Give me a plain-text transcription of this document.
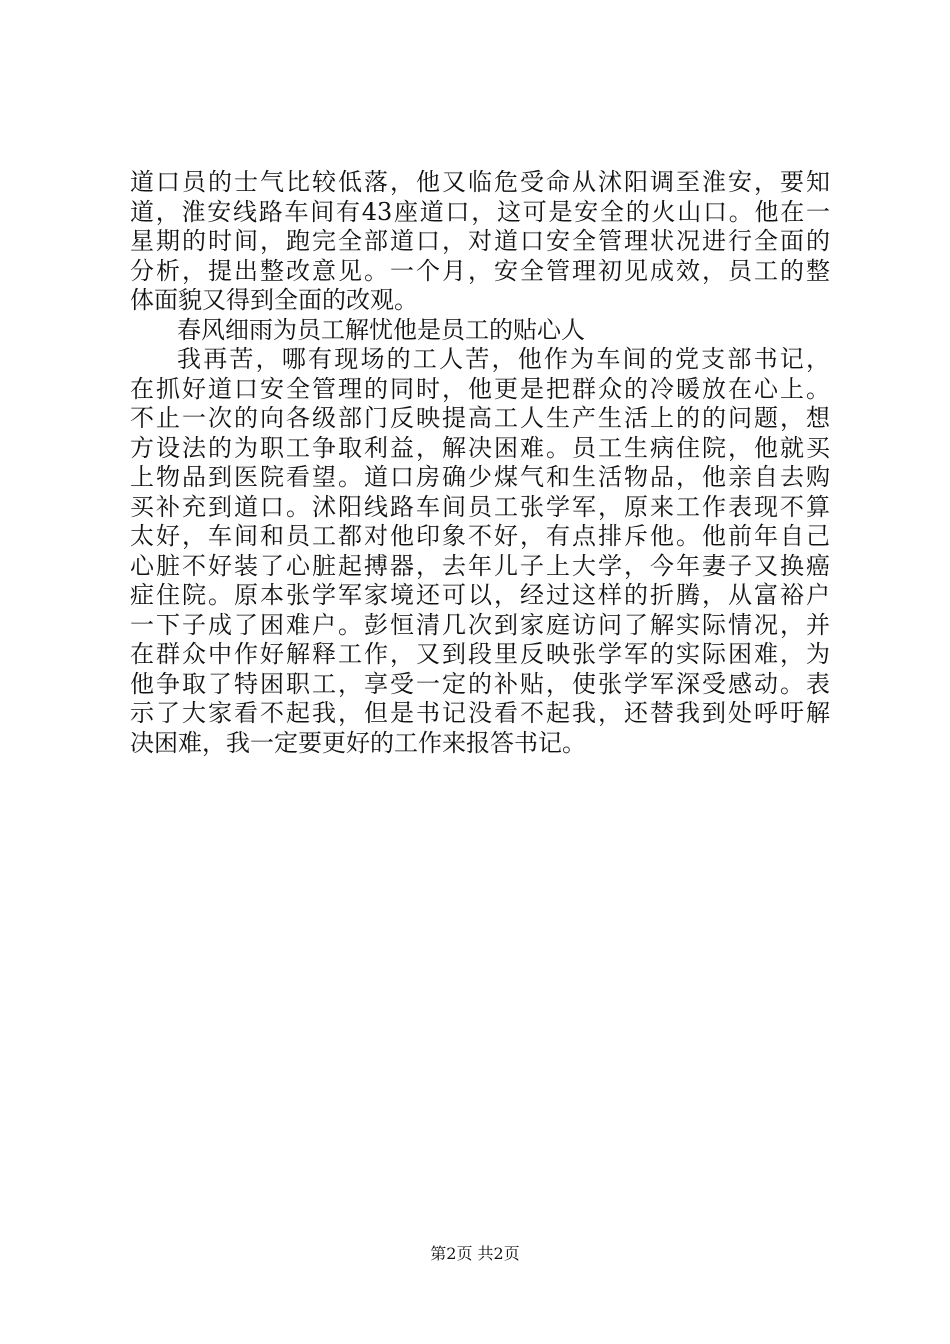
道口员的士气比较低落，他又临危受命从沭阳调至淮安，要知
道，淮安线路车间有43座道口，这可是安全的火山口。他在一
星期的时间，跑完全部道口，对道口安全管理状况进行全面的
分析，提出整改意见。一个月，安全管理初见成效，员工的整
体面貌又得到全面的改观。
春风细雨为员工解忧他是员工的贴心人
我再苦，哪有现场的工人苦，他作为车间的党支部书记，
在抓好道口安全管理的同时，他更是把群众的冷暖放在心上。
不止一次的向各级部门反映提高工人生产生活上的的问题，想
方设法的为职工争取利益，解决困难。员工生病住院，他就买
上物品到医院看望。道口房确少煤气和生活物品，他亲自去购
买补充到道口。沭阳线路车间员工张学军，原来工作表现不算
太好，车间和员工都对他印象不好，有点排斥他。他前年自己
心脏不好装了心脏起搏器，去年儿子上大学，今年妻子又换癌
症住院。原本张学军家境还可以，经过这样的折腾，从富裕户
一下子成了困难户。彭恒清几次到家庭访问了解实际情况，并
在群众中作好解释工作，又到段里反映张学军的实际困难，为
他争取了特困职工，享受一定的补贴，使张学军深受感动。表
示了大家看不起我，但是书记没看不起我，还替我到处呼吁解
决困难，我一定要更好的工作来报答书记。
第2页 共2页
